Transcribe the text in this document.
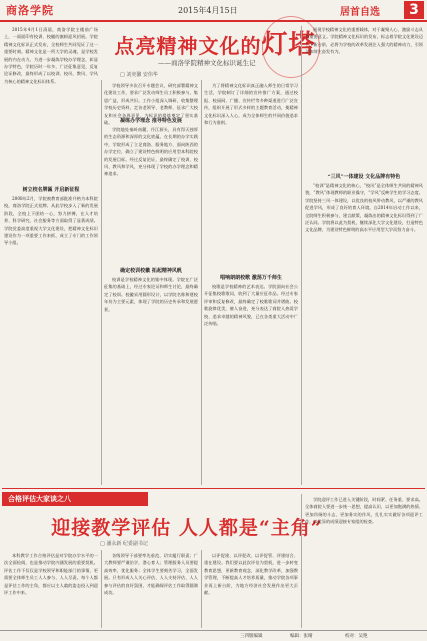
商洛学院	2015年4月15日	居首自选	3
点亮精神文化的灯塔
——商洛学院精神文化标识诞生记
□ 刘奕馨 安伟华

2015年4月1日清晨，商洛学院主楼前广场上，一面面印有校训、校徽的旗帜迎风招展。学院精神文化标识正式发布，全校师生共同见证了这一重要时刻。精神文化是一所大学的灵魂，是学校发展的内在动力。为进一步凝练学校办学理念，彰显办学特色，学院历时一年多，广泛征集意见，反复论证修改，最终形成了以校训、校风、教风、学风为核心的精神文化标识体系。

树立校名牌匾 开启新征程

2008年2月，学院被教育部批准升格为本科院校，商洛学院正式挂牌。从此学校步入了新的发展阶段，全校上下团结一心，努力拼搏，在人才培养、科学研究、社会服务等方面取得了显著成绩。学院党委高度重视大学文化建设，把精神文化标识建设作为一项重要工作来抓，成立了专门的工作领导小组。

学校领导多次召开专题会议，研究部署精神文化建设工作，要求广泛发动师生员工积极参与，集思广益，形成共识。工作小组深入调研，收集整理学校历史资料，走访老领导、老教师，征求广大校友和社会各界意见，为标识的提炼奠定了坚实基础。	凝练办学理念 推导特色发展

学院地处秦岭南麓，丹江源头，具有得天独厚的生态资源和深厚的文化底蕴。在长期的办学实践中，学院形成了立足商洛、服务地方、面向陕西的办学定位，确立了建设特色鲜明的应用型本科院校的发展目标。经过反复论证，最终确定了校训、校风、教风和学风，充分体现了学校的办学理念和精神追求。

确定校训校徽 拓起精神风帆

校训是学校精神文化的集中体现。学院在广泛征集的基础上，经过专家论证和师生讨论，最终确定了校训。校徽采用圆形设计，以学院名称和建校年份为主要元素，体现了学院的历史传承和发展愿景。

为了将精神文化标识真正融入师生的日常学习生活，学院制订了详细的宣传推广方案，通过校报、校园网、广播、宣传栏等多种渠道进行广泛宣传，组织开展了形式多样的主题教育活动，使精神文化标识深入人心，成为全体师生的共同价值追求和行为准则。

唱响朗朗校歌 激荡万千师生

校歌是学校精神的艺术表达。学院面向社会公开征集校歌歌词，收到了大量应征作品。经过专家评审和反复修改，最终确定了校歌歌词并谱曲。校歌旋律优美，催人奋进，充分表达了商院人热爱学校、追求卓越的精神风貌，已在各类重大活动中广泛传唱。

展现学校精神文化的重要载体，对于凝聚人心、激励斗志具有重要意义。学院精神文化标识的发布，标志着学院文化建设迈上了新台阶，必将为学校的改革发展注入强大的精神动力，引领全体师生奋发有为。

“三风”一体建设 文化品牌有特色

“校训”是精神文化的核心，“校风”是全体师生共同的精神风貌，“教风”体现教师的职业操守，“学风”反映学生的学习态度。学院坚持三风一体建设，以优良的校风带动教风，以严谨的教风促进学风，形成了良好的育人环境。自2014年启动工作以来，全院师生积极参与，建言献策，凝练出的精神文化标识得到了广泛认同。学院将以此为契机，继续深化大学文化建设，打造特色文化品牌，为建设特色鲜明的高水平应用型大学而努力奋斗。

合格评估大家谈之八
迎接教学评估 人人都是“主角”
□ 潘永新 纪委副书记

本科教学工作合格评估是对学院办学水平的一次全面检阅，也是推动学院内涵发展的重要契机。评估工作不仅仅是学校领导和职能部门的事情，更需要全体师生员工人人参与、人人尽责。每个人都是评估工作的主角，都应以主人翁的姿态投入到迎评工作中来。

各级领导干部要率先垂范，切实履行职责；广大教师要严谨治学，潜心育人；管理服务人员要提高效率，优化服务；全体学生要刻苦学习，全面发展。只有形成人人关心评估、人人支持评估、人人参与评估的良好氛围，才能确保评估工作取得圆满成功。

以评促建、以评促改、以评促管、评建结合、重在建设。我们要以此次评估为契机，进一步转变教育思想，更新教育观念，深化教学改革，加强教学管理，不断提高人才培养质量，推动学院各项事业再上新台阶，为地方经济社会发展作出更大贡献。

学院迎评工作已进入关键阶段，时间紧、任务重、要求高。全体商院人要进一步统一思想，提高认识，以更加饱满的热情、更加昂扬的斗志、更加务实的作风，扎扎实实做好各项迎评工作，以优异的成绩迎接专家组的检查。

三四版编辑	编辑：张晴	校对：吴艳
